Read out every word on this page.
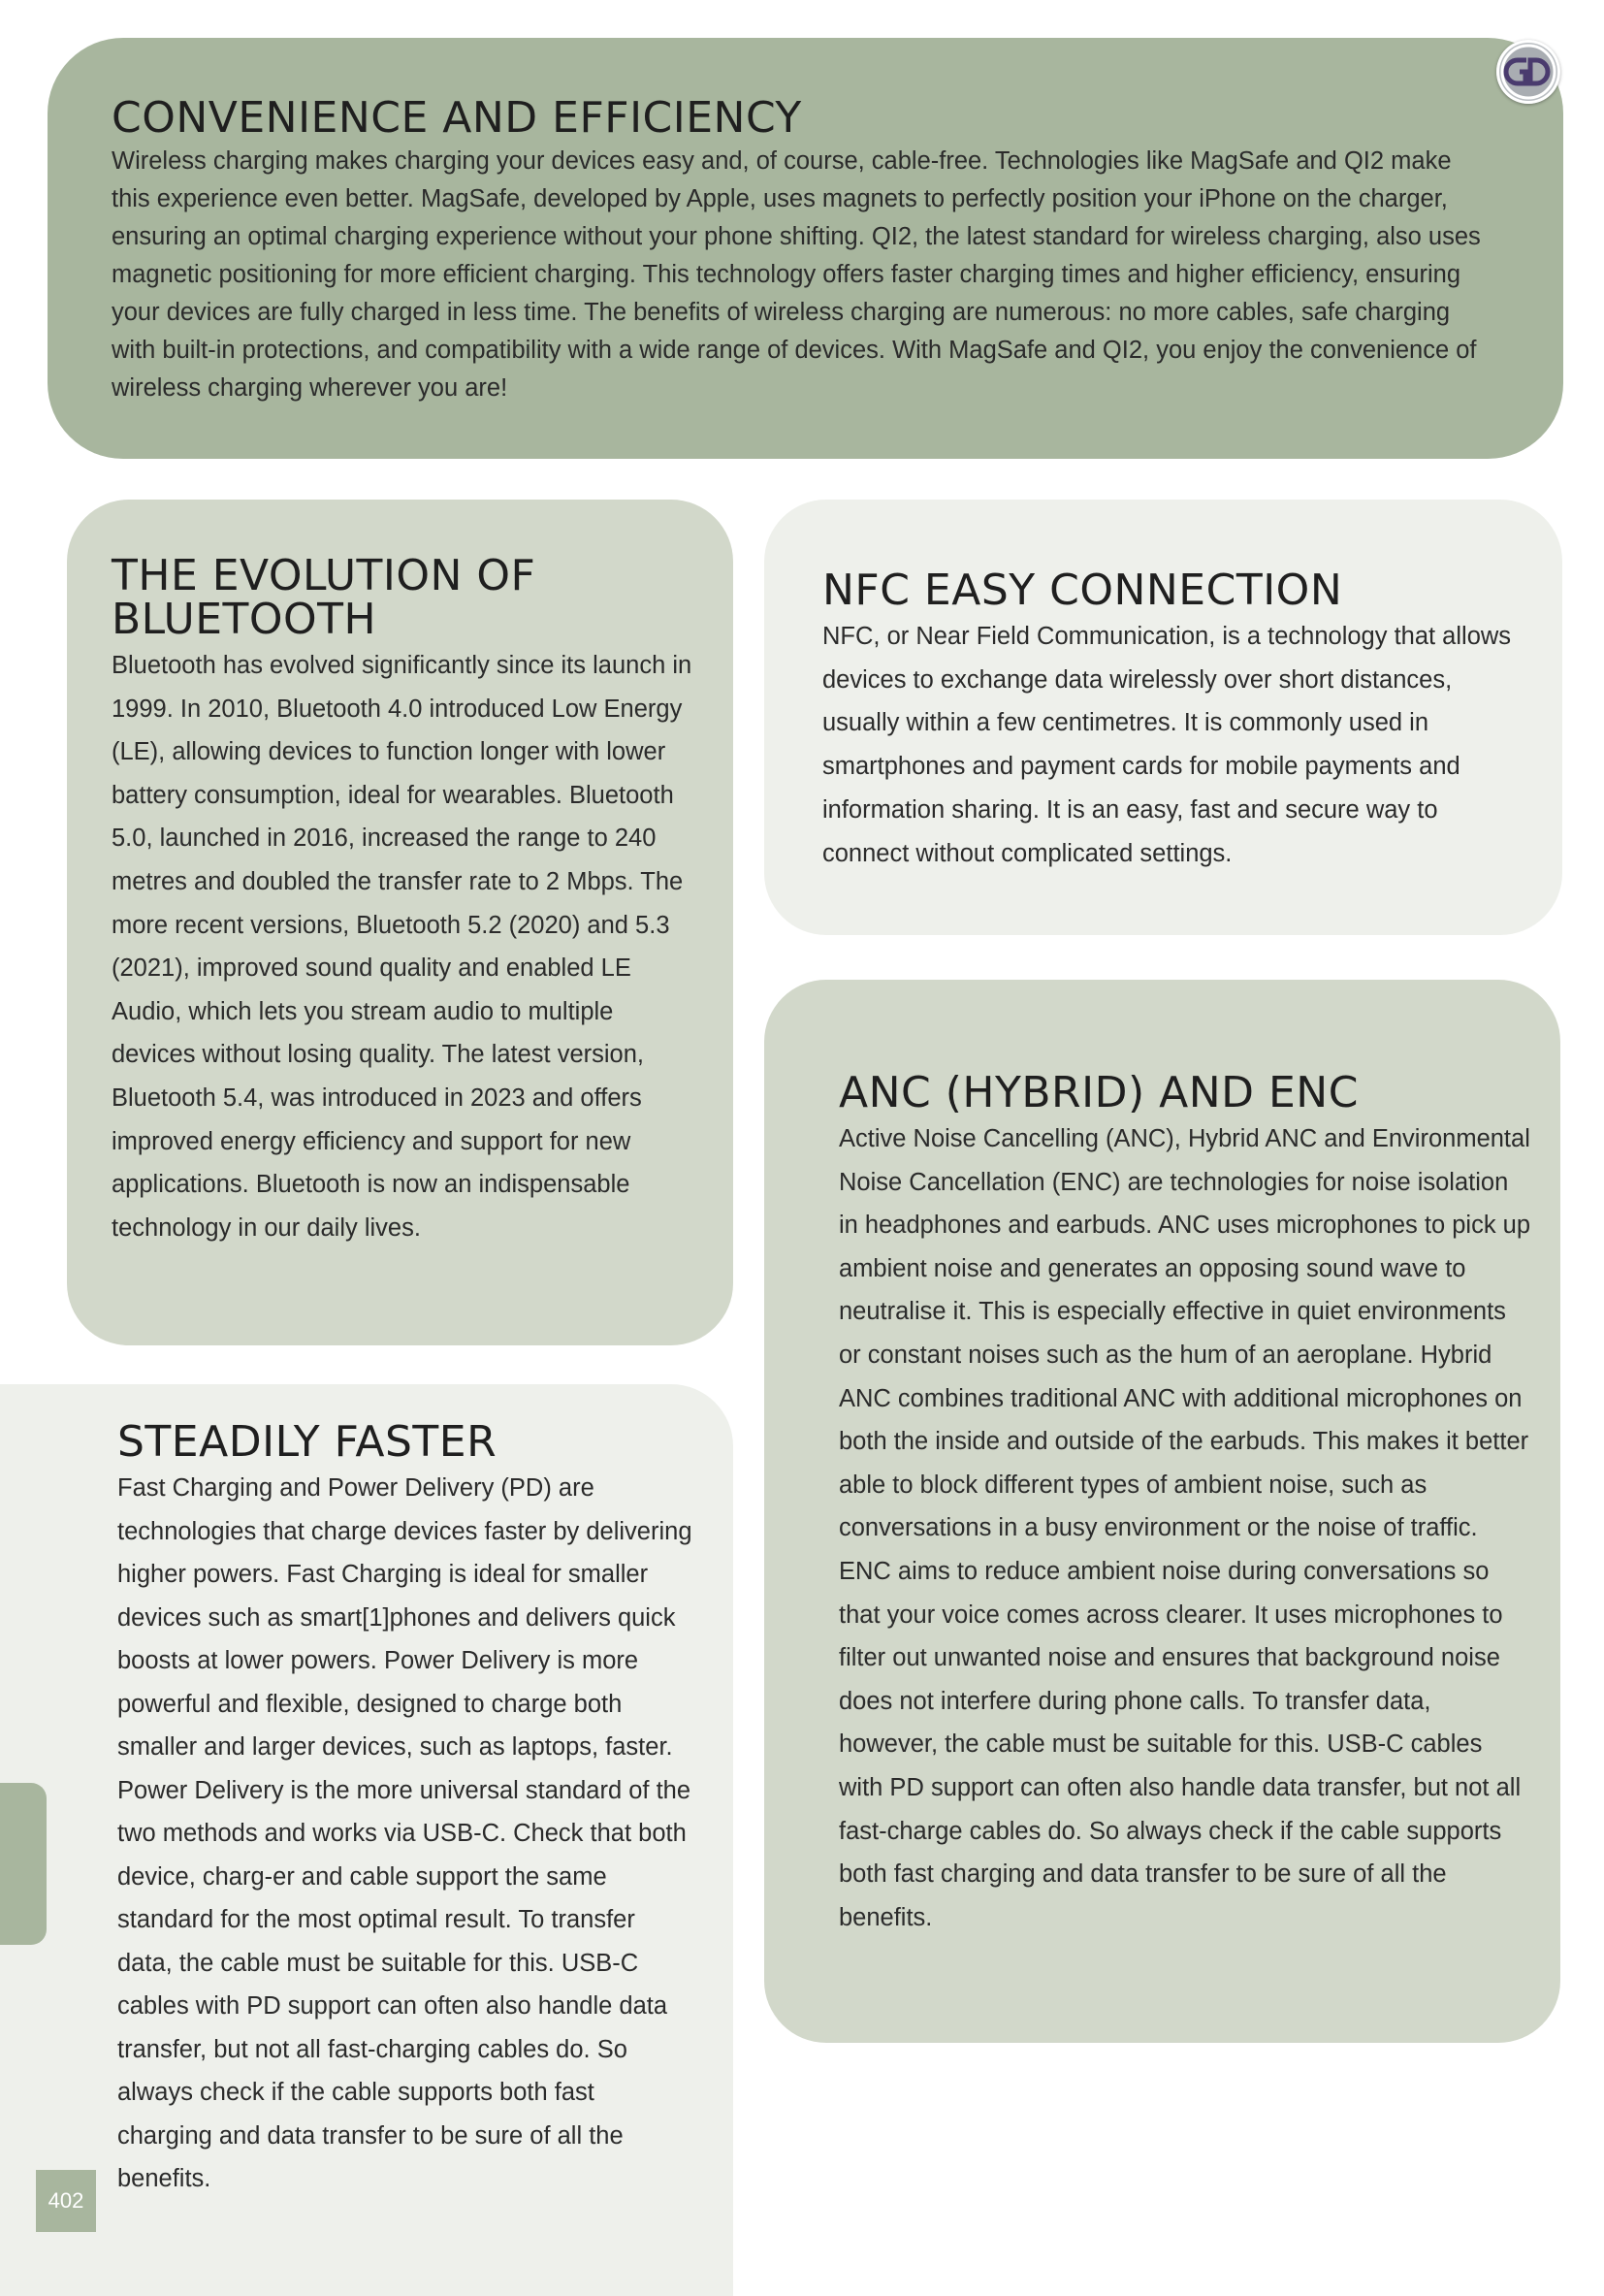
CONVENIENCE AND EFFICIENCY

Wireless charging makes charging your devices easy and, of course, cable-free. Technologies like MagSafe and QI2 make this experience even better. MagSafe, developed by Apple, uses magnets to perfectly position your iPhone on the charger, ensuring an optimal charging experience without your phone shifting. QI2, the latest standard for wireless charging, also uses magnetic positioning for more efficient charging. This technology offers faster charging times and higher efficiency, ensuring your devices are fully charged in less time. The benefits of wireless charging are numerous: no more cables, safe charging with built-in protections, and compatibility with a wide range of devices. With MagSafe and QI2, you enjoy the convenience of wireless charging wherever you are!

THE EVOLUTION OF BLUETOOTH

Bluetooth has evolved significantly since its launch in 1999. In 2010, Bluetooth 4.0 introduced Low Energy (LE), allowing devices to function longer with lower battery consumption, ideal for wearables. Bluetooth 5.0, launched in 2016, increased the range to 240 metres and doubled the transfer rate to 2 Mbps. The more recent versions, Bluetooth 5.2 (2020) and 5.3 (2021), improved sound quality and enabled LE Audio, which lets you stream audio to multiple devices without losing quality. The latest version, Bluetooth 5.4, was introduced in 2023 and offers improved energy efficiency and support for new applications. Bluetooth is now an indispensable technology in our daily lives.

NFC EASY CONNECTION

NFC, or Near Field Communication, is a technology that allows devices to exchange data wirelessly over short distances, usually within a few centimetres. It is commonly used in smartphones and payment cards for mobile payments and information sharing. It is an easy, fast and secure way to connect without complicated settings.

ANC (HYBRID) AND ENC

Active Noise Cancelling (ANC), Hybrid ANC and Environmental Noise Cancellation (ENC) are technologies for noise isolation in headphones and earbuds. ANC uses microphones to pick up ambient noise and generates an opposing sound wave to neutralise it. This is especially effective in quiet environments or constant noises such as the hum of an aeroplane. Hybrid ANC combines traditional ANC with additional microphones on both the inside and outside of the earbuds. This makes it better able to block different types of ambient noise, such as conversations in a busy environment or the noise of traffic. ENC aims to reduce ambient noise during conversations so that your voice comes across clearer. It uses microphones to filter out unwanted noise and ensures that background noise does not interfere during phone calls. To transfer data, however, the cable must be suitable for this. USB-C cables with PD support can often also handle data transfer, but not all fast-charge cables do. So always check if the cable supports both fast charging and data transfer to be sure of all the benefits.

STEADILY FASTER

Fast Charging and Power Delivery (PD) are technologies that charge devices faster by delivering higher powers. Fast Charging is ideal for smaller devices such as smart[1]phones and delivers quick boosts at lower powers. Power Delivery is more powerful and flexible, designed to charge both smaller and larger devices, such as laptops, faster. Power Delivery is the more universal standard of the two methods and works via USB-C. Check that both device, charg-er and cable support the same standard for the most optimal result. To transfer data, the cable must be suitable for this. USB-C cables with PD support can often also handle data transfer, but not all fast-charging cables do. So always check if the cable supports both fast charging and data transfer to be sure of all the benefits.

402
